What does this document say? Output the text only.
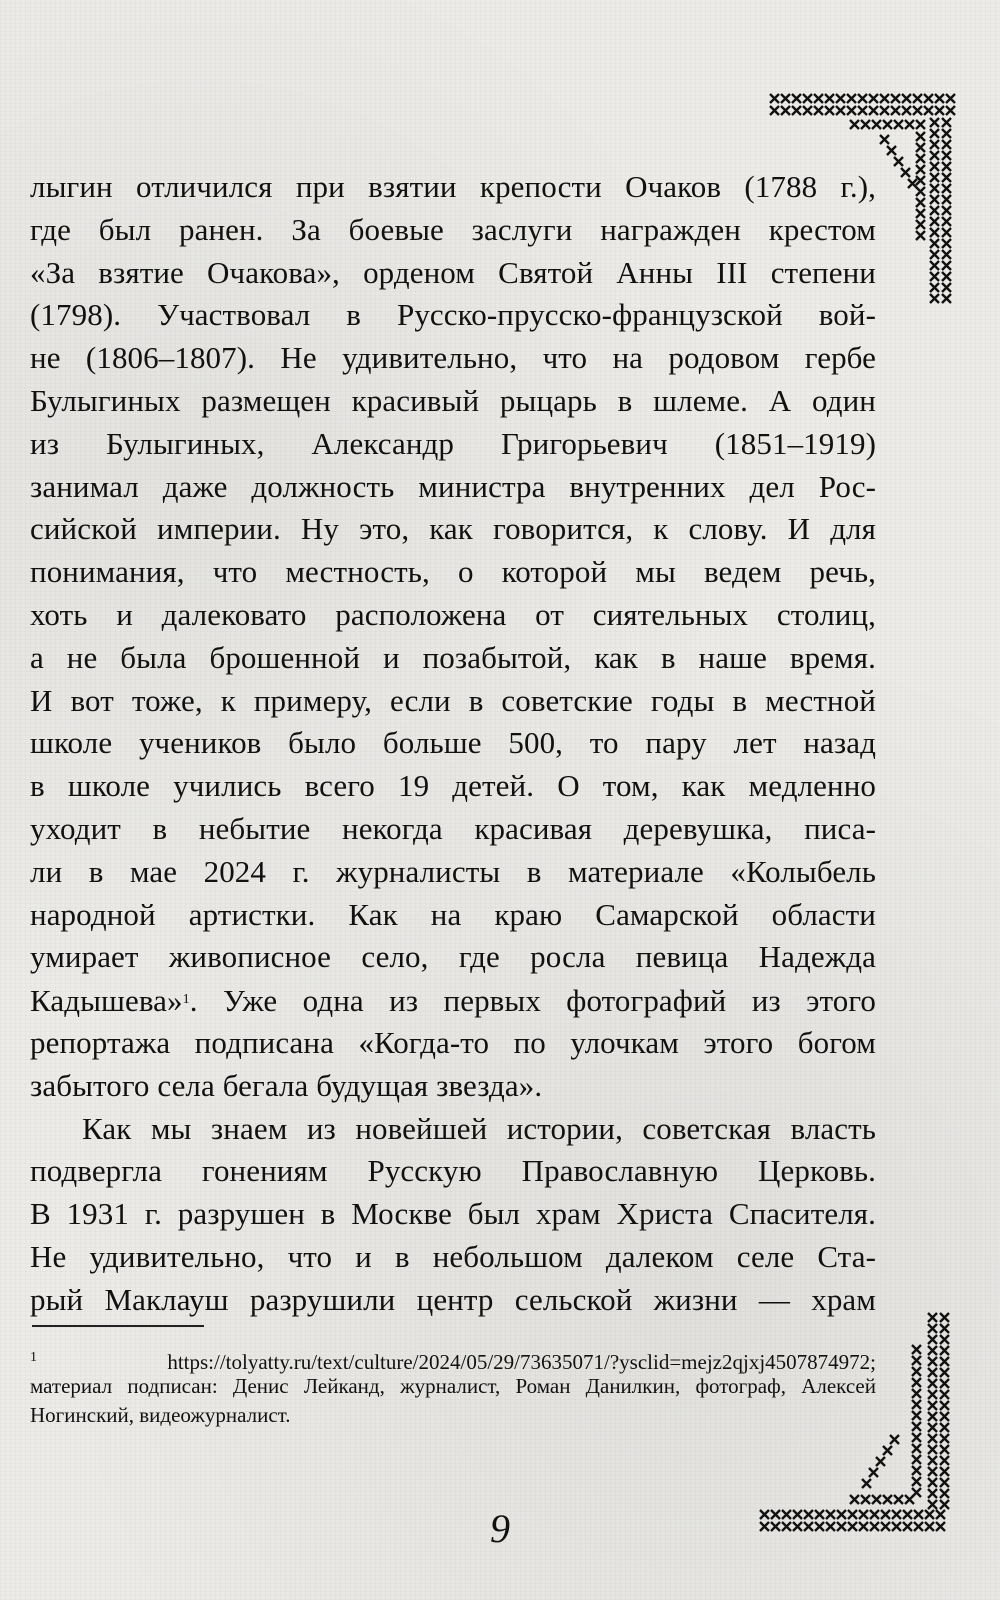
лыгин отличился при взятии крепости Очаков (1788 г.),
где был ранен. За боевые заслуги награжден крестом
«За взятие Очакова», орденом Святой Анны III степени
(1798). Участвовал в Русско-прусско-французской вой-
не (1806–1807). Не удивительно, что на родовом гербе
Булыгиных размещен красивый рыцарь в шлеме. А один
из Булыгиных, Александр Григорьевич (1851–1919)
занимал даже должность министра внутренних дел Рос-
сийской империи. Ну это, как говорится, к слову. И для
понимания, что местность, о которой мы ведем речь,
хоть и далековато расположена от сиятельных столиц,
а не была брошенной и позабытой, как в наше время.
И вот тоже, к примеру, если в советские годы в местной
школе учеников было больше 500, то пару лет назад
в школе учились всего 19 детей. О том, как медленно
уходит в небытие некогда красивая деревушка, писа-
ли в мае 2024 г. журналисты в материале «Колыбель
народной артистки. Как на краю Самарской области
умирает живописное село, где росла певица Надежда
Кадышева»$^1$. Уже одна из первых фотографий из этого
репортажа подписана «Когда-то по улочкам этого богом
забытого села бегала будущая звезда».
Как мы знаем из новейшей истории, советская власть
подвергла гонениям Русскую Православную Церковь.
В 1931 г. разрушен в Москве был храм Христа Спасителя.
Не удивительно, что и в небольшом далеком селе Ста-
рый Маклауш разрушили центр сельской жизни — храм
$^1$	https://tolyatty.ru/text/culture/2024/05/29/73635071/?ysclid=mejz2qjxj4507874972;
материал подписан: Денис Лейканд, журналист, Роман Данилкин, фотограф, Алексей
Ногинский, видеожурналист.
9
